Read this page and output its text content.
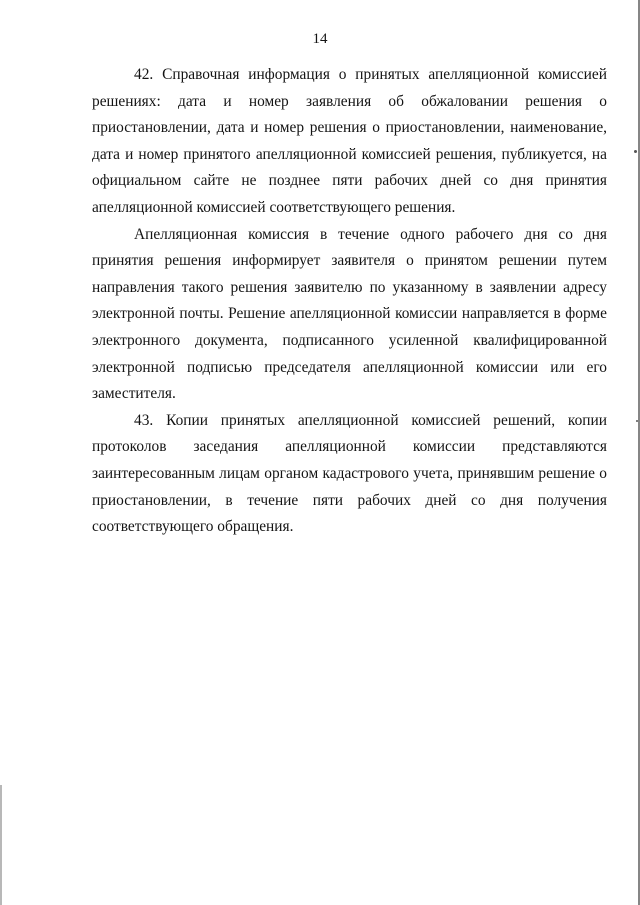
14

42. Справочная информация о принятых апелляционной комиссией решениях: дата и номер заявления об обжаловании решения о приостановлении, дата и номер решения о приостановлении, наименование, дата и номер принятого апелляционной комиссией решения, публикуется, на официальном сайте не позднее пяти рабочих дней со дня принятия апелляционной комиссией соответствующего решения.

Апелляционная комиссия в течение одного рабочего дня со дня принятия решения информирует заявителя о принятом решении путем направления такого решения заявителю по указанному в заявлении адресу электронной почты. Решение апелляционной комиссии направляется в форме электронного документа, подписанного усиленной квалифицированной электронной подписью председателя апелляционной комиссии или его заместителя.

43. Копии принятых апелляционной комиссией решений, копии протоколов заседания апелляционной комиссии представляются заинтересованным лицам органом кадастрового учета, принявшим решение о приостановлении, в течение пяти рабочих дней со дня получения соответствующего обращения.
